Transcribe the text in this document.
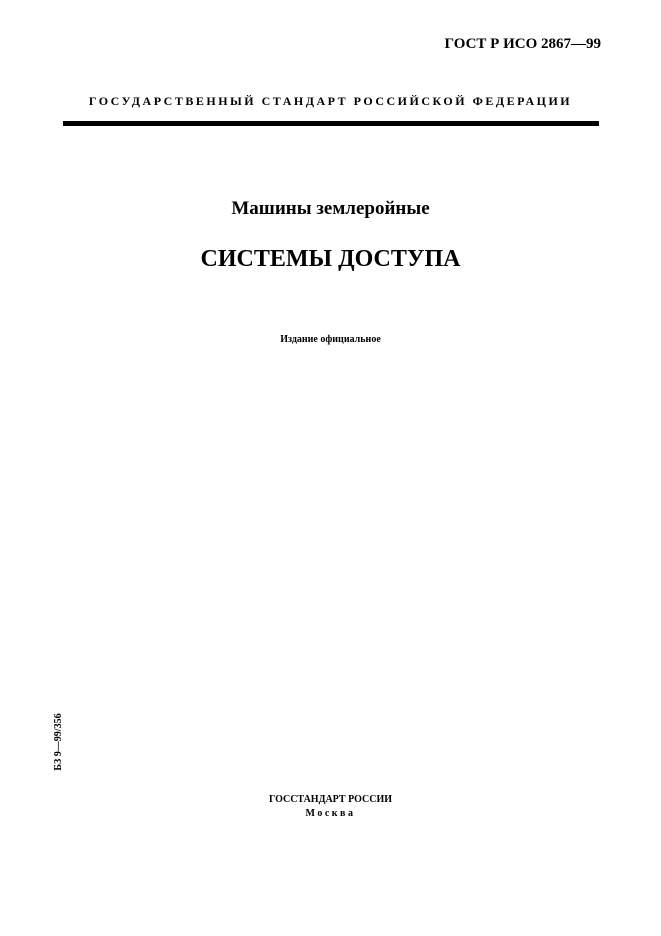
ГОСТ Р ИСО 2867—99
ГОСУДАРСТВЕННЫЙ СТАНДАРТ РОССИЙСКОЙ ФЕДЕРАЦИИ
Машины землеройные
СИСТЕМЫ ДОСТУПА
Издание официальное
БЗ 9—99/356
ГОССТАНДАРТ РОССИИ
Москва
